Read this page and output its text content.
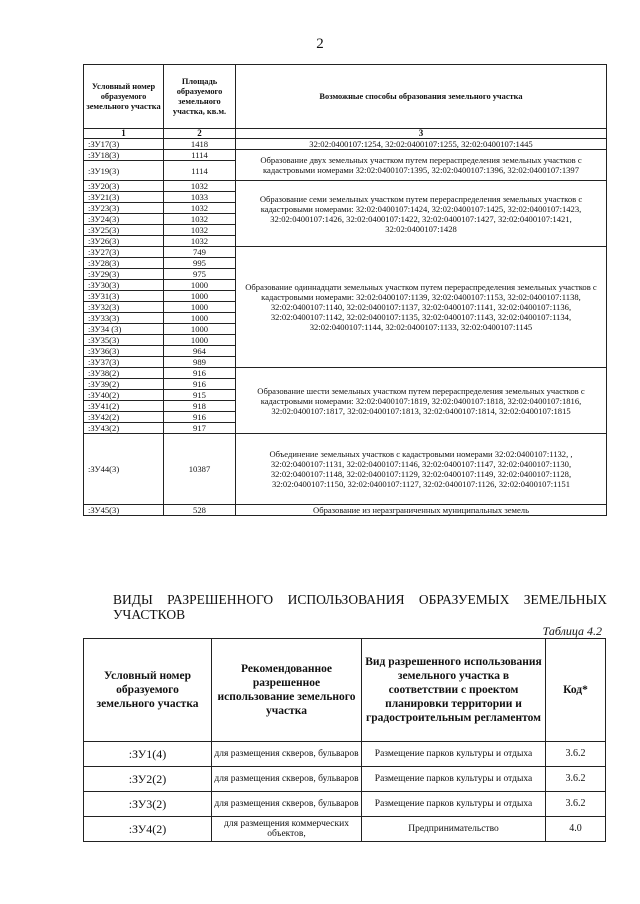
2
Условный номер образуемого земельного участка	Площадь образуемого земельного участка, кв.м.	Возможные способы образования земельного участка
1	2	3
:ЗУ17(3)	1418	32:02:0400107:1254, 32:02:0400107:1255, 32:02:0400107:1445
:ЗУ18(3)	1114	Образование двух земельных участком путем перераспределения земельных участков с кадастровыми номерами 32:02:0400107:1395, 32:02:0400107:1396, 32:02:0400107:1397
:ЗУ19(3)	1114	
:ЗУ20(3)	1032	Образование семи земельных участком путем перераспределения земельных участков с кадастровыми номерами: 32:02:0400107:1424, 32:02:0400107:1425, 32:02:0400107:1423, 32:02:0400107:1426, 32:02:0400107:1422, 32:02:0400107:1427, 32:02:0400107:1421, 32:02:0400107:1428
:ЗУ21(3)	1033	
:ЗУ23(3)	1032	
:ЗУ24(3)	1032	
:ЗУ25(3)	1032	
:ЗУ26(3)	1032	
:ЗУ27(3)	749	Образование одиннадцати земельных участком путем перераспределения земельных участков с кадастровыми номерами: 32:02:0400107:1139, 32:02:0400107:1153, 32:02:0400107:1138, 32:02:0400107:1140, 32:02:0400107:1137, 32:02:0400107:1141, 32:02:0400107:1136, 32:02:0400107:1142, 32:02:0400107:1135, 32:02:0400107:1143, 32:02:0400107:1134, 32:02:0400107:1144, 32:02:0400107:1133, 32:02:0400107:1145
:ЗУ28(3)	995	
:ЗУ29(3)	975	
:ЗУ30(3)	1000	
:ЗУ31(3)	1000	
:ЗУ32(3)	1000	
:ЗУ33(3)	1000	
:ЗУ34 (3)	1000	
:ЗУ35(3)	1000	
:ЗУ36(3)	964	
:ЗУ37(3)	989	
:ЗУ38(2)	916	Образование шести земельных участком путем перераспределения земельных участков с кадастровыми номерами: 32:02:0400107:1819, 32:02:0400107:1818, 32:02:0400107:1816, 32:02:0400107:1817, 32:02:0400107:1813, 32:02:0400107:1814, 32:02:0400107:1815
:ЗУ39(2)	916	
:ЗУ40(2)	915	
:ЗУ41(2)	918	
:ЗУ42(2)	916	
:ЗУ43(2)	917	
:ЗУ44(3)	10387	Объединение земельных участков с кадастровыми номерами 32:02:0400107:1132, , 32:02:0400107:1131, 32:02:0400107:1146, 32:02:0400107:1147, 32:02:0400107:1130, 32:02:0400107:1148, 32:02:0400107:1129, 32:02:0400107:1149, 32:02:0400107:1128, 32:02:0400107:1150, 32:02:0400107:1127, 32:02:0400107:1126, 32:02:0400107:1151
:ЗУ45(3)	528	Образование из неразграниченных муниципальных земель
ВИДЫ РАЗРЕШЕННОГО ИСПОЛЬЗОВАНИЯ ОБРАЗУЕМЫХ ЗЕМЕЛЬНЫХ
УЧАСТКОВ
Таблица 4.2
Условный номер образуемого земельного участка	Рекомендованное разрешенное использование земельного участка	Вид разрешенного использования земельного участка в соответствии с проектом планировки территории и градостроительным регламентом	Код*
:ЗУ1(4)	для размещения скверов, бульваров	Размещение парков культуры и отдыха	3.6.2
:ЗУ2(2)	для размещения скверов, бульваров	Размещение парков культуры и отдыха	3.6.2
:ЗУ3(2)	для размещения скверов, бульваров	Размещение парков культуры и отдыха	3.6.2
:ЗУ4(2)	для размещения коммерческих объектов,	Предпринимательство	4.0
